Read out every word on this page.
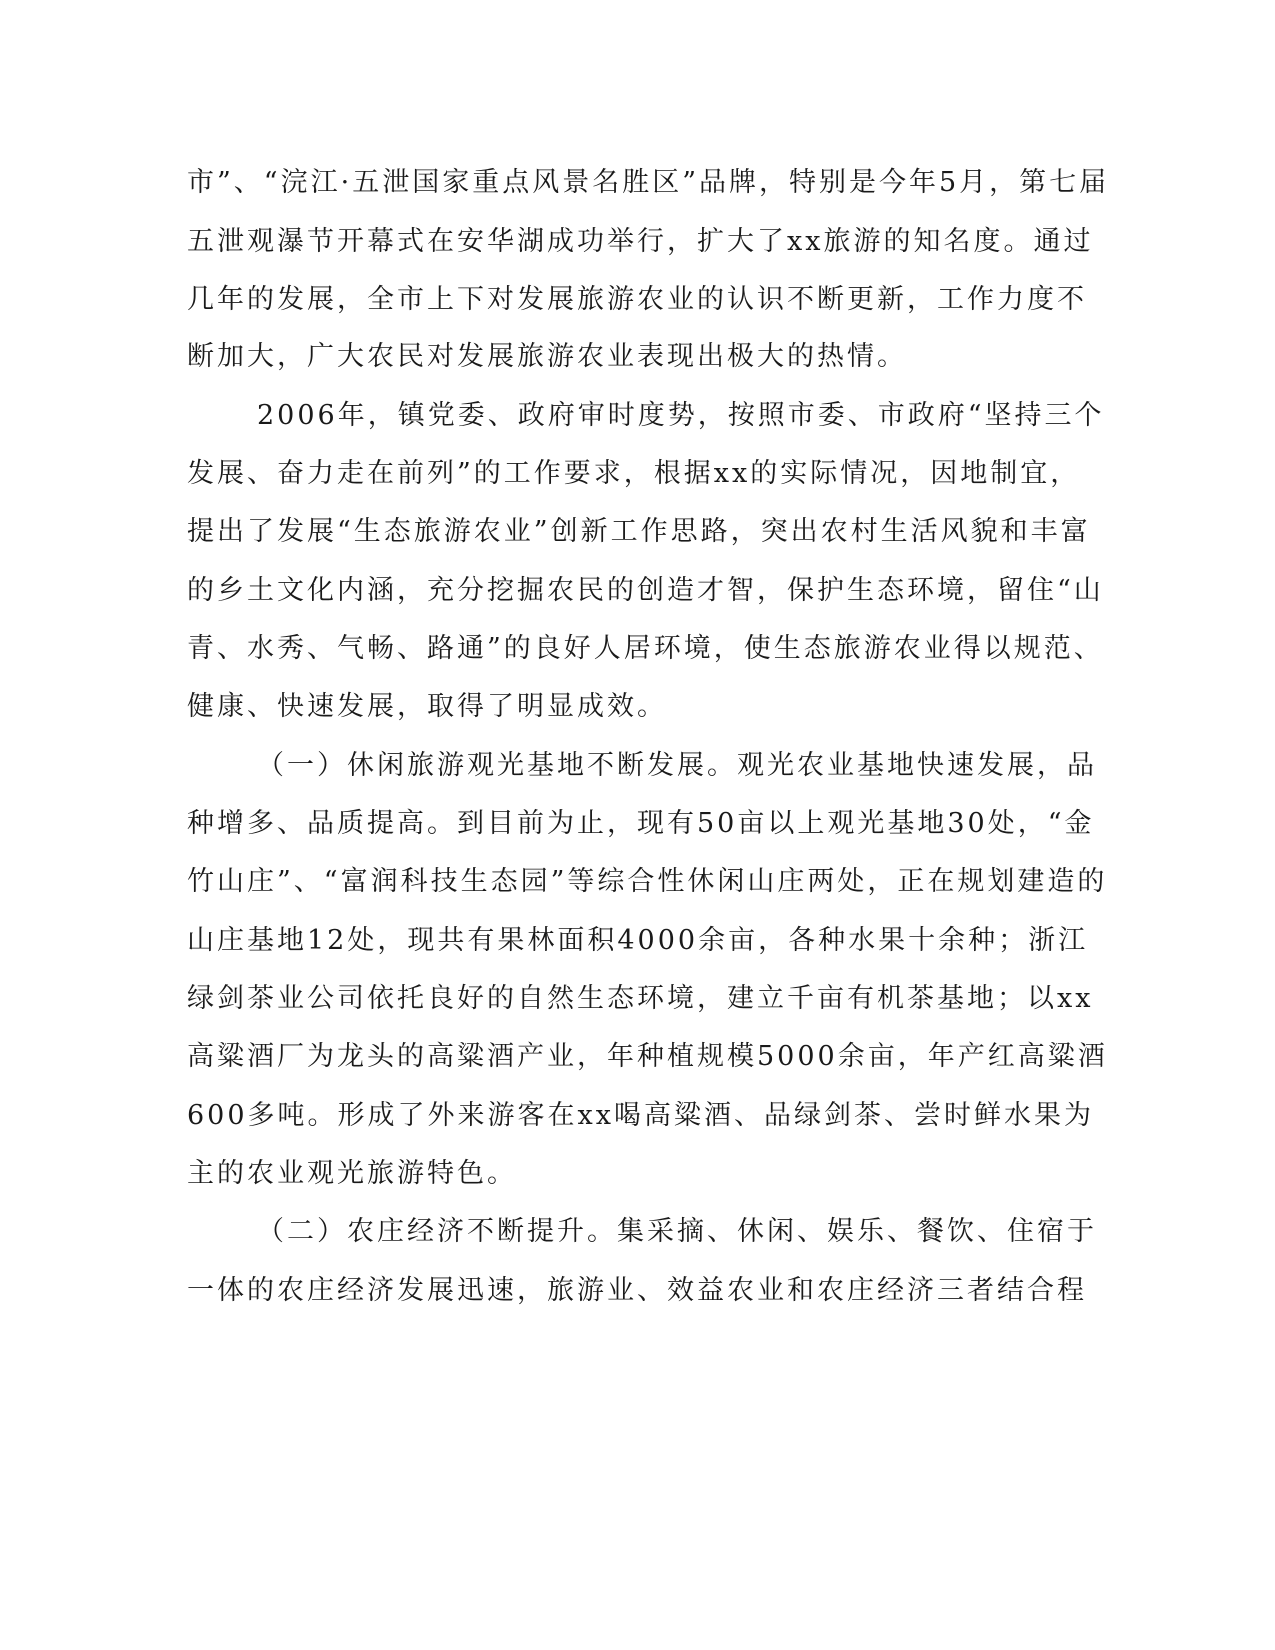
市”、“浣江·五泄国家重点风景名胜区”品牌，特别是今年5月，第七届
五泄观瀑节开幕式在安华湖成功举行，扩大了xx旅游的知名度。通过
几年的发展，全市上下对发展旅游农业的认识不断更新，工作力度不
断加大，广大农民对发展旅游农业表现出极大的热情。
2006年，镇党委、政府审时度势，按照市委、市政府“坚持三个
发展、奋力走在前列”的工作要求，根据xx的实际情况，因地制宜，
提出了发展“生态旅游农业”创新工作思路，突出农村生活风貌和丰富
的乡土文化内涵，充分挖掘农民的创造才智，保护生态环境，留住“山
青、水秀、气畅、路通”的良好人居环境，使生态旅游农业得以规范、
健康、快速发展，取得了明显成效。
（一）休闲旅游观光基地不断发展。观光农业基地快速发展，品
种增多、品质提高。到目前为止，现有50亩以上观光基地30处，“金
竹山庄”、“富润科技生态园”等综合性休闲山庄两处，正在规划建造的
山庄基地12处，现共有果林面积4000余亩，各种水果十余种；浙江
绿剑茶业公司依托良好的自然生态环境，建立千亩有机茶基地；以xx
高粱酒厂为龙头的高粱酒产业，年种植规模5000余亩，年产红高粱酒
600多吨。形成了外来游客在xx喝高粱酒、品绿剑茶、尝时鲜水果为
主的农业观光旅游特色。
（二）农庄经济不断提升。集采摘、休闲、娱乐、餐饮、住宿于
一体的农庄经济发展迅速，旅游业、效益农业和农庄经济三者结合程
